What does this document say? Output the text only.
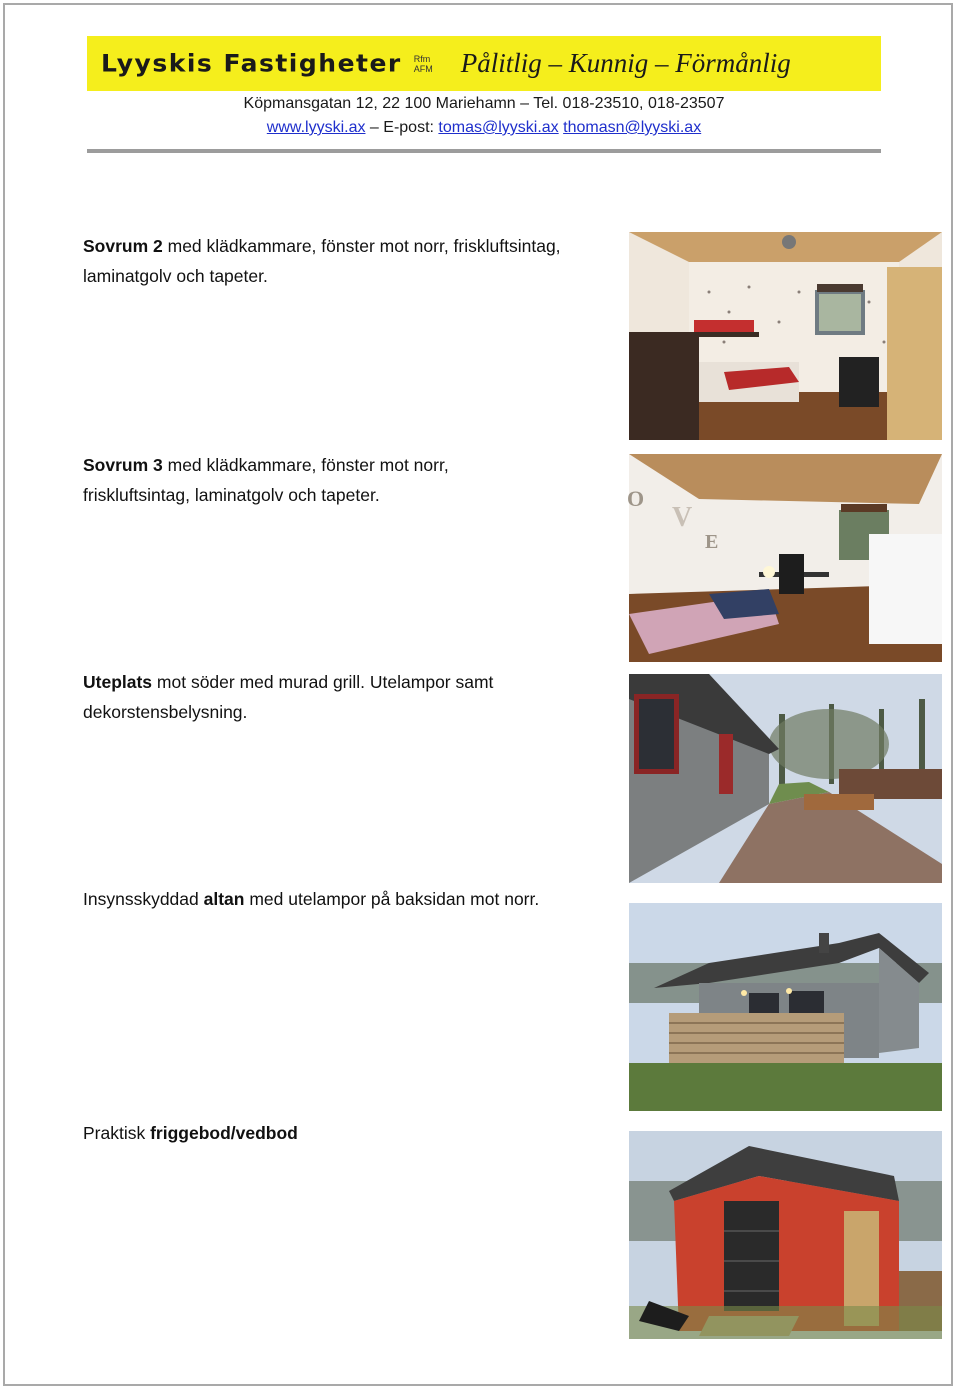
Lyyskis Fastigheter Rfm
AFM Pålitlig – Kunnig – Förmånlig
Köpmansgatan 12, 22 100 Mariehamn – Tel. 018-23510, 018-23507
www.lyyski.ax – E-post: tomas@lyyski.ax thomasn@lyyski.ax
Sovrum 2 med klädkammare, fönster mot norr, friskluftsintag,
laminatgolv och tapeter.
Sovrum 3 med klädkammare, fönster mot norr,
friskluftsintag, laminatgolv och tapeter.
V
E
O
Uteplats mot söder med murad grill. Utelampor samt
dekorstensbelysning.
Insynsskyddad altan med utelampor på baksidan mot norr.
Praktisk friggebod/vedbod
